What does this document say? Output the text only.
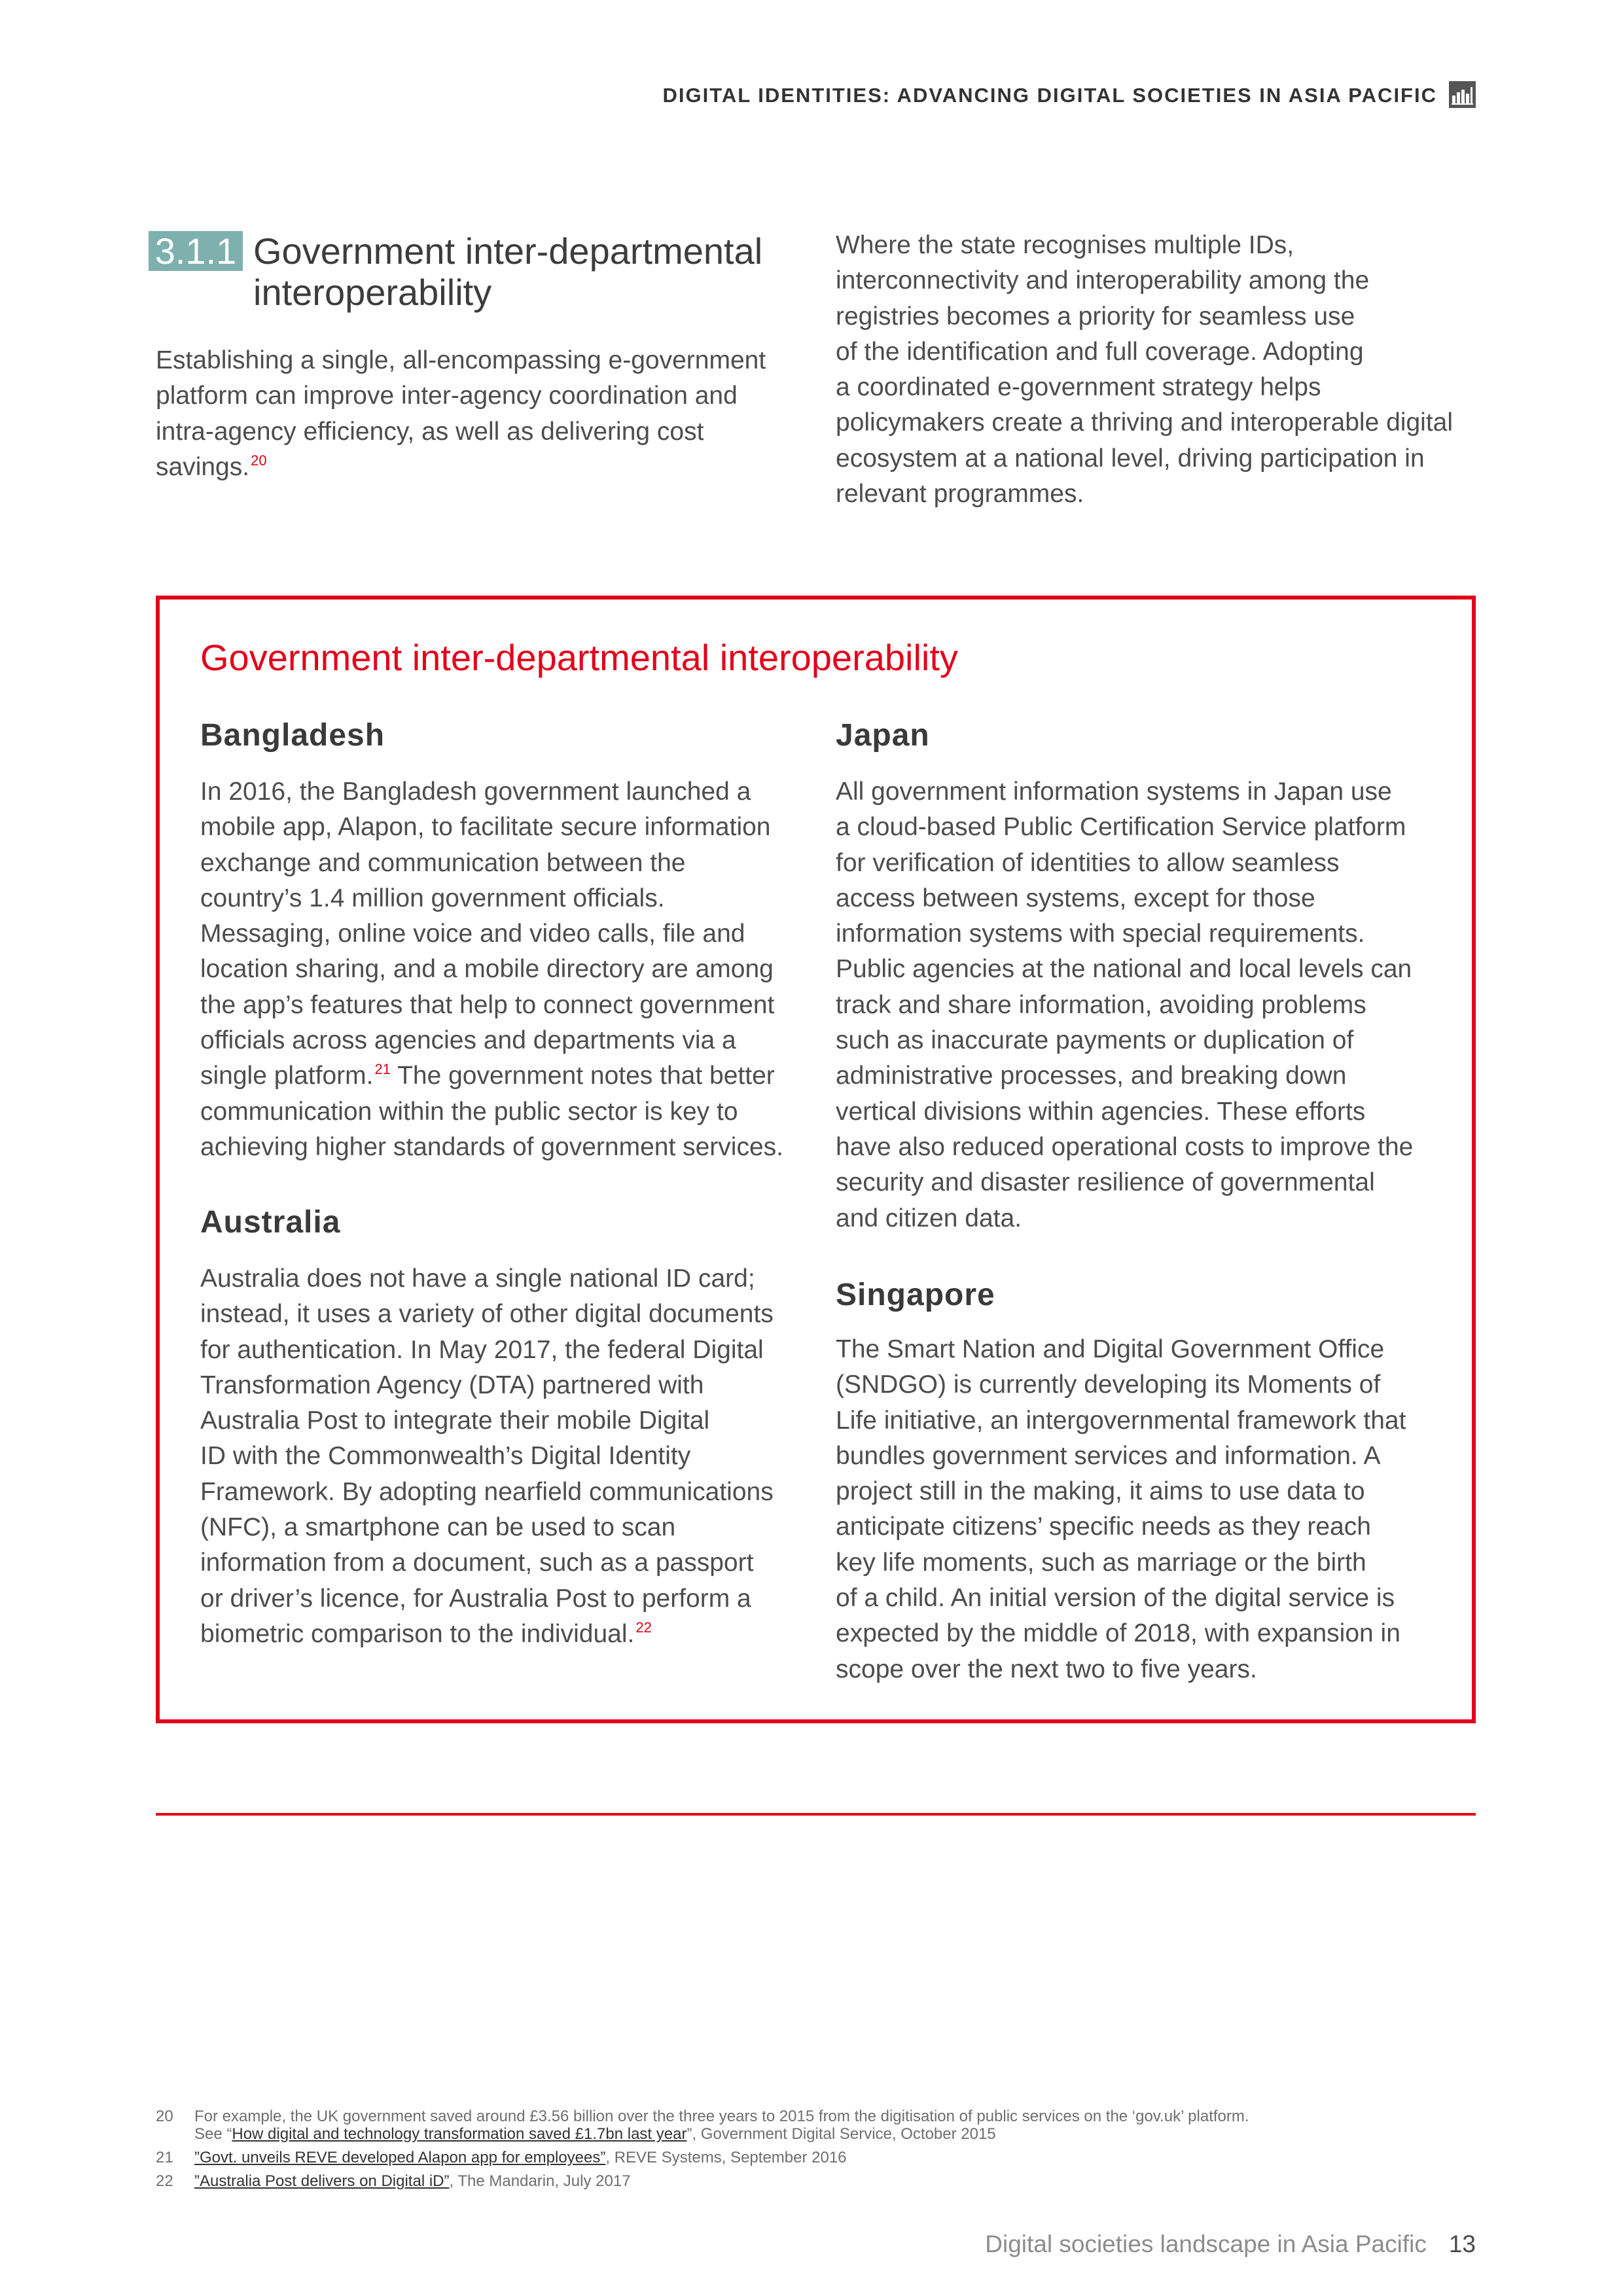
DIGITAL IDENTITIES: ADVANCING DIGITAL SOCIETIES IN ASIA PACIFIC
3.1.1 Government inter-departmental
interoperability
Establishing a single, all-encompassing e-government
platform can improve inter-agency coordination and
intra-agency efficiency, as well as delivering cost
savings.$^{20}$
Where the state recognises multiple IDs,
interconnectivity and interoperability among the
registries becomes a priority for seamless use
of the identification and full coverage. Adopting
a coordinated e-government strategy helps
policymakers create a thriving and interoperable digital
ecosystem at a national level, driving participation in
relevant programmes.
Government inter-departmental interoperability
Bangladesh
In 2016, the Bangladesh government launched a
mobile app, Alapon, to facilitate secure information
exchange and communication between the
country’s 1.4 million government officials.
Messaging, online voice and video calls, file and
location sharing, and a mobile directory are among
the app’s features that help to connect government
officials across agencies and departments via a
single platform.$^{21}$ The government notes that better
communication within the public sector is key to
achieving higher standards of government services.
Australia
Australia does not have a single national ID card;
instead, it uses a variety of other digital documents
for authentication. In May 2017, the federal Digital
Transformation Agency (DTA) partnered with
Australia Post to integrate their mobile Digital
ID with the Commonwealth’s Digital Identity
Framework. By adopting nearfield communications
(NFC), a smartphone can be used to scan
information from a document, such as a passport
or driver’s licence, for Australia Post to perform a
biometric comparison to the individual.$^{22}$
Japan
All government information systems in Japan use
a cloud-based Public Certification Service platform
for verification of identities to allow seamless
access between systems, except for those
information systems with special requirements.
Public agencies at the national and local levels can
track and share information, avoiding problems
such as inaccurate payments or duplication of
administrative processes, and breaking down
vertical divisions within agencies. These efforts
have also reduced operational costs to improve the
security and disaster resilience of governmental
and citizen data.
Singapore
The Smart Nation and Digital Government Office
(SNDGO) is currently developing its Moments of
Life initiative, an intergovernmental framework that
bundles government services and information. A
project still in the making, it aims to use data to
anticipate citizens’ specific needs as they reach
key life moments, such as marriage or the birth
of a child. An initial version of the digital service is
expected by the middle of 2018, with expansion in
scope over the next two to five years.
20	For example, the UK government saved around £3.56 billion over the three years to 2015 from the digitisation of public services on the ‘gov.uk’ platform.
See “How digital and technology transformation saved £1.7bn last year”, Government Digital Service, October 2015
21	”Govt. unveils REVE developed Alapon app for employees”, REVE Systems, September 2016
22	”Australia Post delivers on Digital iD”, The Mandarin, July 2017
Digital societies landscape in Asia Pacific 13
